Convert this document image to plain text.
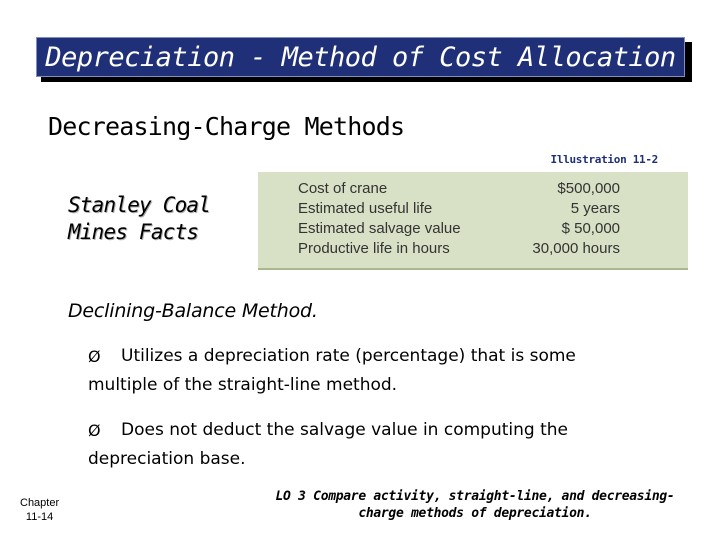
Depreciation - Method of Cost Allocation
Decreasing-Charge Methods
Illustration 11-2
Stanley Coal
Mines Facts
Cost of crane	$500,000
Estimated useful life	5 years
Estimated salvage value	$ 50,000
Productive life in hours	30,000 hours
Declining-Balance Method.
Ø	Utilizes a depreciation rate (percentage) that is some
multiple of the straight-line method.
Ø	Does not deduct the salvage value in computing the
depreciation base.
Chapter
11-14
LO 3 Compare activity, straight-line, and decreasing-
charge methods of depreciation.
